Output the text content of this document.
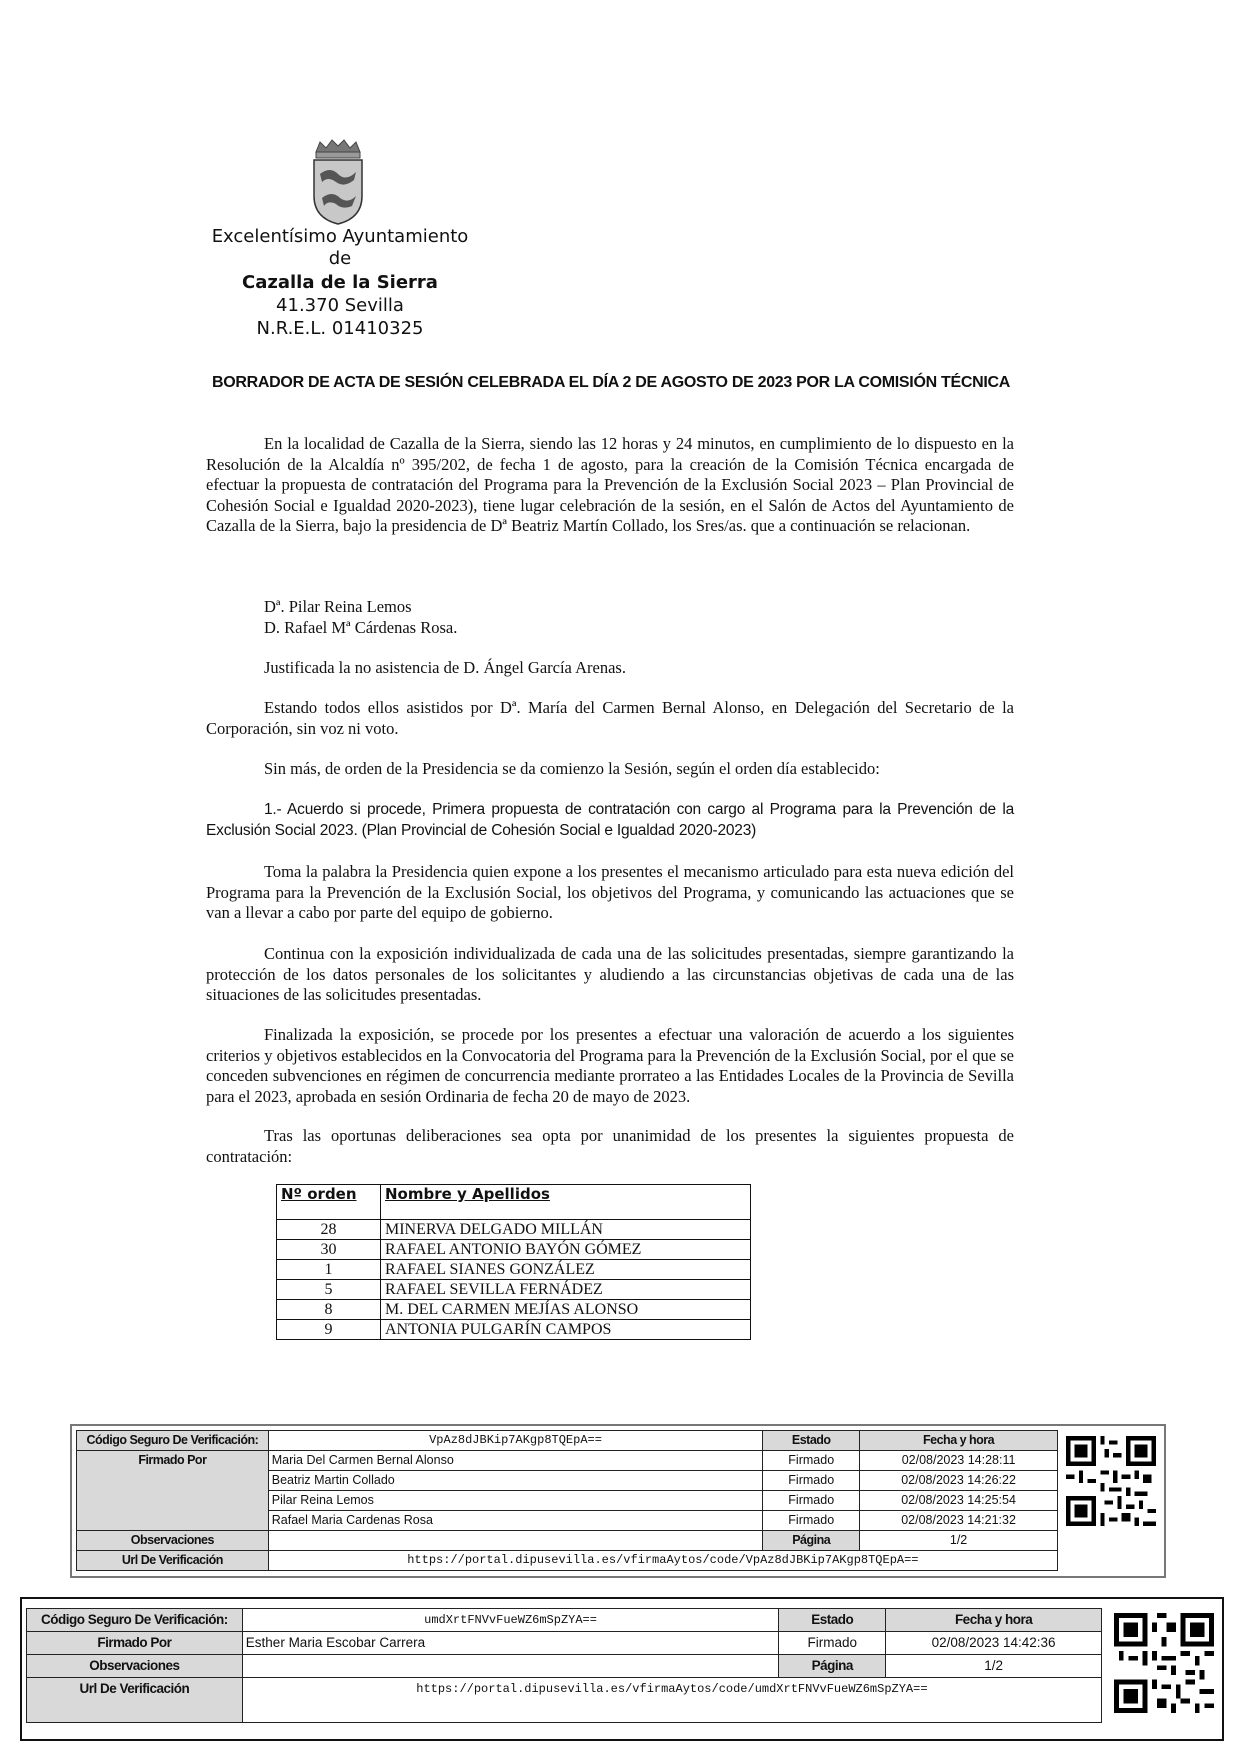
Excelentísimo Ayuntamiento
de
Cazalla de la Sierra
41.370 Sevilla
N.R.E.L. 01410325
BORRADOR DE ACTA DE SESIÓN CELEBRADA EL DÍA 2 DE AGOSTO DE 2023 POR LA COMISIÓN TÉCNICA

En la localidad de Cazalla de la Sierra, siendo las 12 horas y 24 minutos, en cumplimiento de lo dispuesto en la Resolución de la Alcaldía nº 395/202, de fecha 1 de agosto, para la creación de la Comisión Técnica encargada de efectuar la propuesta de contratación del Programa para la Prevención de la Exclusión Social 2023 – Plan Provincial de Cohesión Social e Igualdad 2020-2023), tiene lugar celebración de la sesión, en el Salón de Actos del Ayuntamiento de Cazalla de la Sierra, bajo la presidencia de Dª Beatriz Martín Collado, los Sres/as. que a continuación se relacionan.

Dª. Pilar Reina Lemos
D. Rafael Mª Cárdenas Rosa.
Justificada la no asistencia de D. Ángel García Arenas.

Estando todos ellos asistidos por Dª. María del Carmen Bernal Alonso, en Delegación del Secretario de la Corporación, sin voz ni voto.

Sin más, de orden de la Presidencia se da comienzo la Sesión, según el orden día establecido:

1.- Acuerdo si procede, Primera propuesta de contratación con cargo al Programa para la Prevención de la Exclusión Social 2023. (Plan Provincial de Cohesión Social e Igualdad 2020-2023)

Toma la palabra la Presidencia quien expone a los presentes el mecanismo articulado para esta nueva edición del Programa para la Prevención de la Exclusión Social, los objetivos del Programa, y comunicando las actuaciones que se van a llevar a cabo por parte del equipo de gobierno.

Continua con la exposición individualizada de cada una de las solicitudes presentadas, siempre garantizando la protección de los datos personales de los solicitantes y aludiendo a las circunstancias objetivas de cada una de las situaciones de las solicitudes presentadas.

Finalizada la exposición, se procede por los presentes a efectuar una valoración de acuerdo a los siguientes criterios y objetivos establecidos en la Convocatoria del Programa para la Prevención de la Exclusión Social, por el que se conceden subvenciones en régimen de concurrencia mediante prorrateo a las Entidades Locales de la Provincia de Sevilla para el 2023, aprobada en sesión Ordinaria de fecha 20 de mayo de 2023.

Tras las oportunas deliberaciones sea opta por unanimidad de los presentes la siguientes propuesta de contratación:

Nº orden	Nombre y Apellidos
28	MINERVA DELGADO MILLÁN
30	RAFAEL ANTONIO BAYÓN GÓMEZ
1	RAFAEL SIANES GONZÁLEZ
5	RAFAEL SEVILLA FERNÁDEZ
8	M. DEL CARMEN MEJÍAS ALONSO
9	ANTONIA PULGARÍN CAMPOS
Código Seguro De Verificación:	VpAz8dJBKip7AKgp8TQEpA==	Estado	Fecha y hora
Firmado Por	Maria Del Carmen Bernal Alonso	Firmado	02/08/2023 14:28:11
	Beatriz Martin Collado	Firmado	02/08/2023 14:26:22
	Pilar Reina Lemos	Firmado	02/08/2023 14:25:54
	Rafael Maria Cardenas Rosa	Firmado	02/08/2023 14:21:32
Observaciones		Página	1/2
Url De Verificación	https://portal.dipusevilla.es/vfirmaAytos/code/VpAz8dJBKip7AKgp8TQEpA==		
Código Seguro De Verificación:	umdXrtFNVvFueWZ6mSpZYA==	Estado	Fecha y hora
Firmado Por	Esther Maria Escobar Carrera	Firmado	02/08/2023 14:42:36
Observaciones		Página	1/2
Url De Verificación	https://portal.dipusevilla.es/vfirmaAytos/code/umdXrtFNVvFueWZ6mSpZYA==		
